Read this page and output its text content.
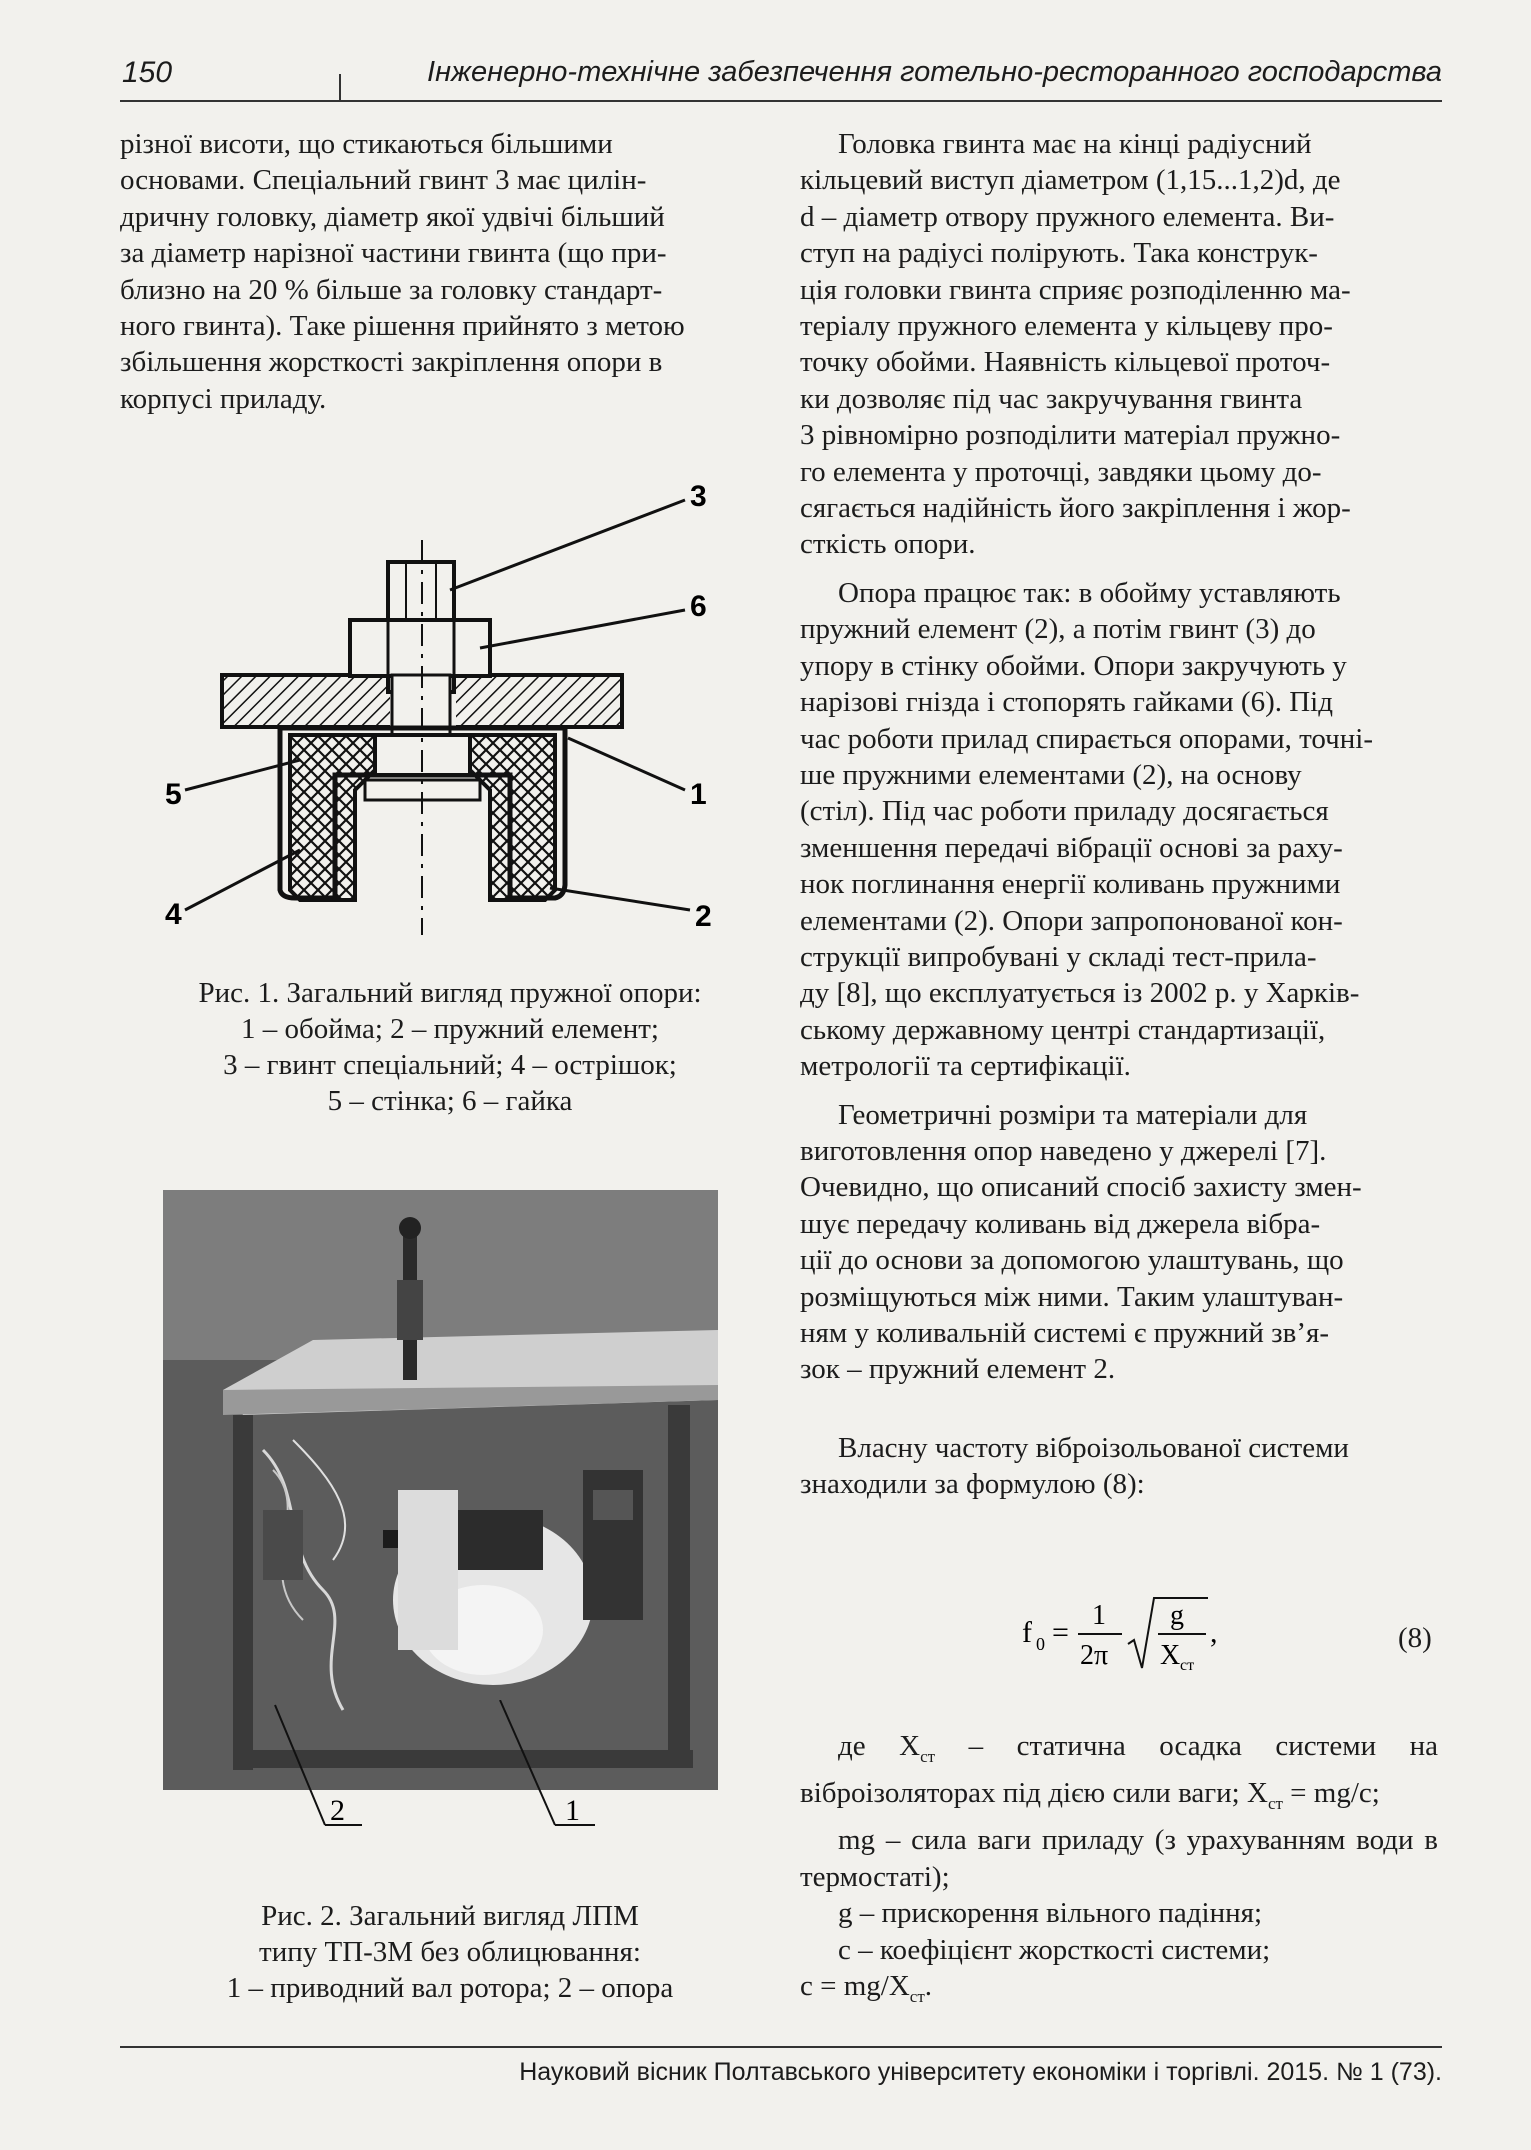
150	Інженерно-технічне забезпечення готельно-ресторанного господарства

різної висоти, що стикаються більшими

основами. Спеціальний гвинт 3 має цилін-

дричну головку, діаметр якої удвічі більший

за діаметр нарізної частини гвинта (що при-

близно на 20 % більше за головку стандарт-

ного гвинта). Таке рішення прийнято з метою

збільшення жорсткості закріплення опори в

корпусі приладу.

3
6
1
2
5
4
Рис. 1. Загальний вигляд пружної опори:
1 – обойма; 2 – пружний елемент;
3 – гвинт спеціальний; 4 – острішок;
5 – стінка; 6 – гайка
2	1
Рис. 2. Загальний вигляд ЛПМ
типу ТП-3М без облицювання:
1 – приводний вал ротора; 2 – опора

Головка гвинта має на кінці радіусний

кільцевий виступ діаметром (1,15...1,2)d, де

d – діаметр отвору пружного елемента. Ви-

ступ на радіусі полірують. Така конструк-

ція головки гвинта сприяє розподіленню ма-

теріалу пружного елемента у кільцеву про-

точку обойми. Наявність кільцевої проточ-

ки дозволяє під час закручування гвинта

3 рівномірно розподілити матеріал пружно-

го елемента у проточці, завдяки цьому до-

сягається надійність його закріплення і жор-

сткість опори.

Опора працює так: в обойму уставляють

пружний елемент (2), а потім гвинт (3) до

упору в стінку обойми. Опори закручують у

нарізові гнізда і стопорять гайками (6). Під

час роботи прилад спирається опорами, точні-

ше пружними елементами (2), на основу

(стіл). Під час роботи приладу досягається

зменшення передачі вібрації основі за раху-

нок поглинання енергії коливань пружними

елементами (2). Опори запропонованої кон-

струкції випробувані у складі тест-прила-

ду [8], що експлуатується із 2002 р. у Харків-

ському державному центрі стандартизації,

метрології та сертифікації.

Геометричні розміри та матеріали для

виготовлення опор наведено у джерелі [7].

Очевидно, що описаний спосіб захисту змен-

шує передачу коливань від джерела вібра-

ції до основи за допомогою улаштувань, що

розміщуються між ними. Таким улаштуван-

ням у коливальній системі є пружний зв’я-

зок – пружний елемент 2.

Власну частоту віброізольованої системи

знаходили за формулою (8):

f 0 =
1
2π
g
X ст
,	(8)

де $X_{ст}$ – статична осадка системи на віброізоляторах під дією сили ваги; $X_{ст} = mg/c$;

mg – сила ваги приладу (з урахуванням води в термостаті);

g – прискорення вільного падіння;

c – коефіцієнт жорсткості системи;

$c = mg/X_{ст}$.

Науковий вісник Полтавського університету економіки і торгівлі. 2015. № 1 (73).
